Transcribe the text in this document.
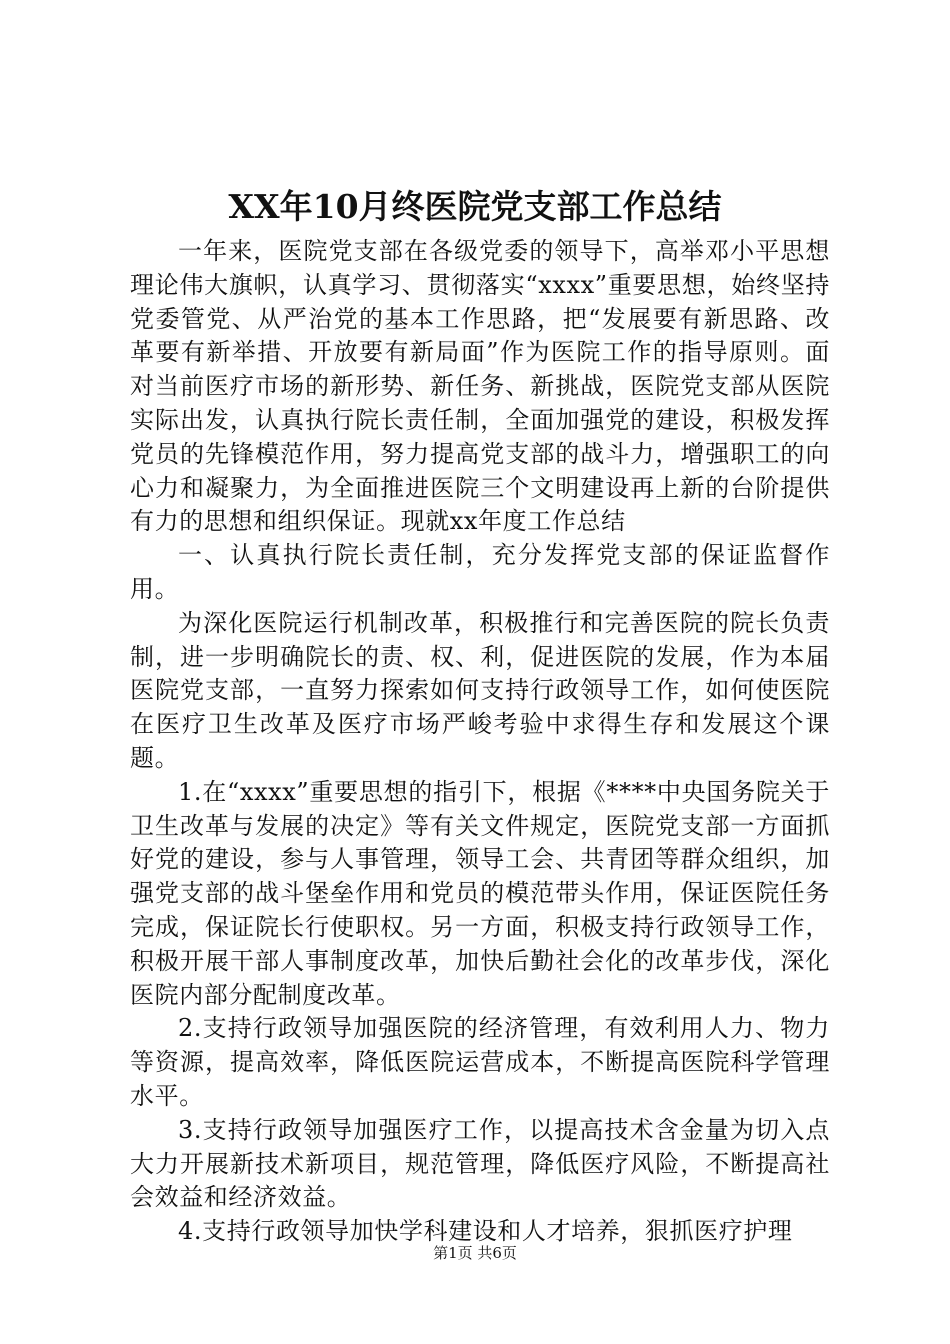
XX年10月终医院党支部工作总结

一年来，医院党支部在各级党委的领导下，高举邓小平思想理论伟大旗帜，认真学习、贯彻落实“xxxx”重要思想，始终坚持党委管党、从严治党的基本工作思路，把“发展要有新思路、改革要有新举措、开放要有新局面”作为医院工作的指导原则。面对当前医疗市场的新形势、新任务、新挑战，医院党支部从医院实际出发，认真执行院长责任制，全面加强党的建设，积极发挥党员的先锋模范作用，努力提高党支部的战斗力，增强职工的向心力和凝聚力，为全面推进医院三个文明建设再上新的台阶提供有力的思想和组织保证。现就xx年度工作总结

一、认真执行院长责任制，充分发挥党支部的保证监督作用。

为深化医院运行机制改革，积极推行和完善医院的院长负责制，进一步明确院长的责、权、利，促进医院的发展，作为本届医院党支部，一直努力探索如何支持行政领导工作，如何使医院在医疗卫生改革及医疗市场严峻考验中求得生存和发展这个课题。

1.在“xxxx”重要思想的指引下，根据《****中央国务院关于卫生改革与发展的决定》等有关文件规定，医院党支部一方面抓好党的建设，参与人事管理，领导工会、共青团等群众组织，加强党支部的战斗堡垒作用和党员的模范带头作用，保证医院任务完成，保证院长行使职权。另一方面，积极支持行政领导工作，积极开展干部人事制度改革，加快后勤社会化的改革步伐，深化医院内部分配制度改革。

2.支持行政领导加强医院的经济管理，有效利用人力、物力等资源，提高效率，降低医院运营成本，不断提高医院科学管理水平。

3.支持行政领导加强医疗工作，以提高技术含金量为切入点大力开展新技术新项目，规范管理，降低医疗风险，不断提高社会效益和经济效益。

4.支持行政领导加快学科建设和人才培养，狠抓医疗护理

第1页 共6页
